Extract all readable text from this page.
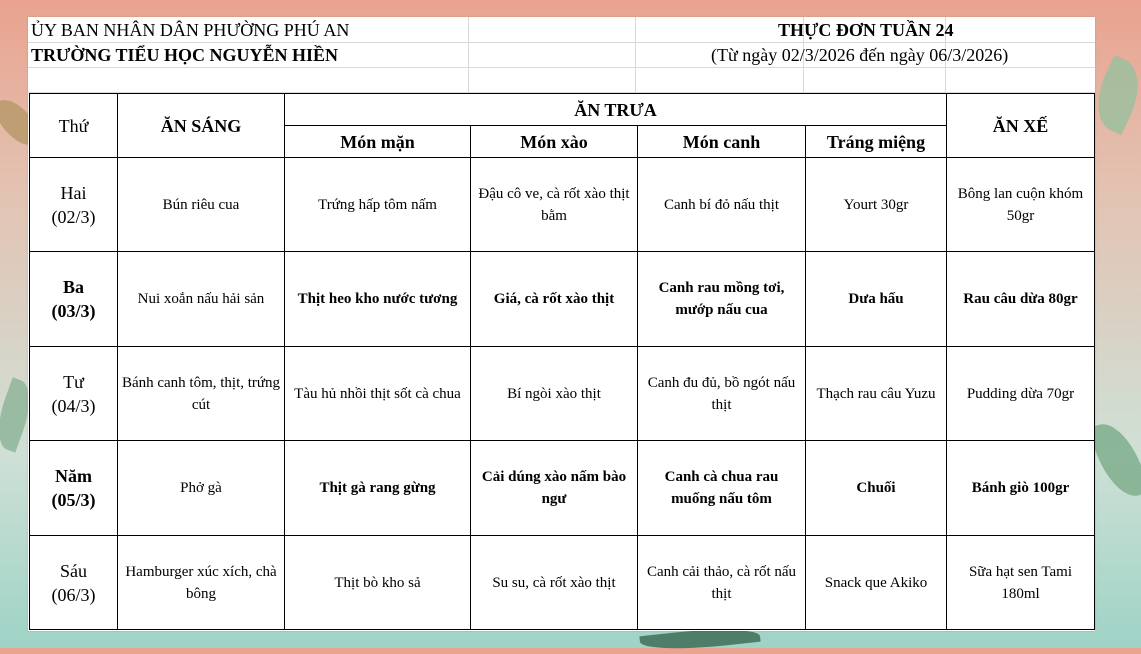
ỦY BAN NHÂN DÂN PHƯỜNG PHÚ AN
TRƯỜNG TIỂU HỌC NGUYỄN HIỀN
THỰC ĐƠN TUẦN 24
(Từ ngày 02/3/2026 đến ngày 06/3/2026)
Thứ	ĂN SÁNG	ĂN TRƯA				ĂN XẾ
		Món mặn	Món xào	Món canh	Tráng miệng	
Hai
(02/3)	Bún riêu cua	Trứng hấp tôm nấm	Đậu cô ve, cà rốt xào thịt bằm	Canh bí đỏ nấu thịt	Yourt 30gr	Bông lan cuộn khóm 50gr
Ba
(03/3)	Nui xoắn nấu hải sản	Thịt heo kho nước tương	Giá, cà rốt xào thịt	Canh rau mồng tơi, mướp nấu cua	Dưa hấu	Rau câu dừa 80gr
Tư
(04/3)	Bánh canh tôm, thịt, trứng cút	Tàu hủ nhồi thịt sốt cà chua	Bí ngòi xào thịt	Canh đu đủ, bồ ngót nấu thịt	Thạch rau câu Yuzu	Pudding dừa 70gr
Năm
(05/3)	Phở gà	Thịt gà rang gừng	Cải dúng xào nấm bào ngư	Canh cà chua rau muống nấu tôm	Chuối	Bánh giò 100gr
Sáu
(06/3)	Hamburger xúc xích, chà bông	Thịt bò kho sả	Su su, cà rốt xào thịt	Canh cải thảo, cà rốt nấu thịt	Snack que Akiko	Sữa hạt sen Tami 180ml
